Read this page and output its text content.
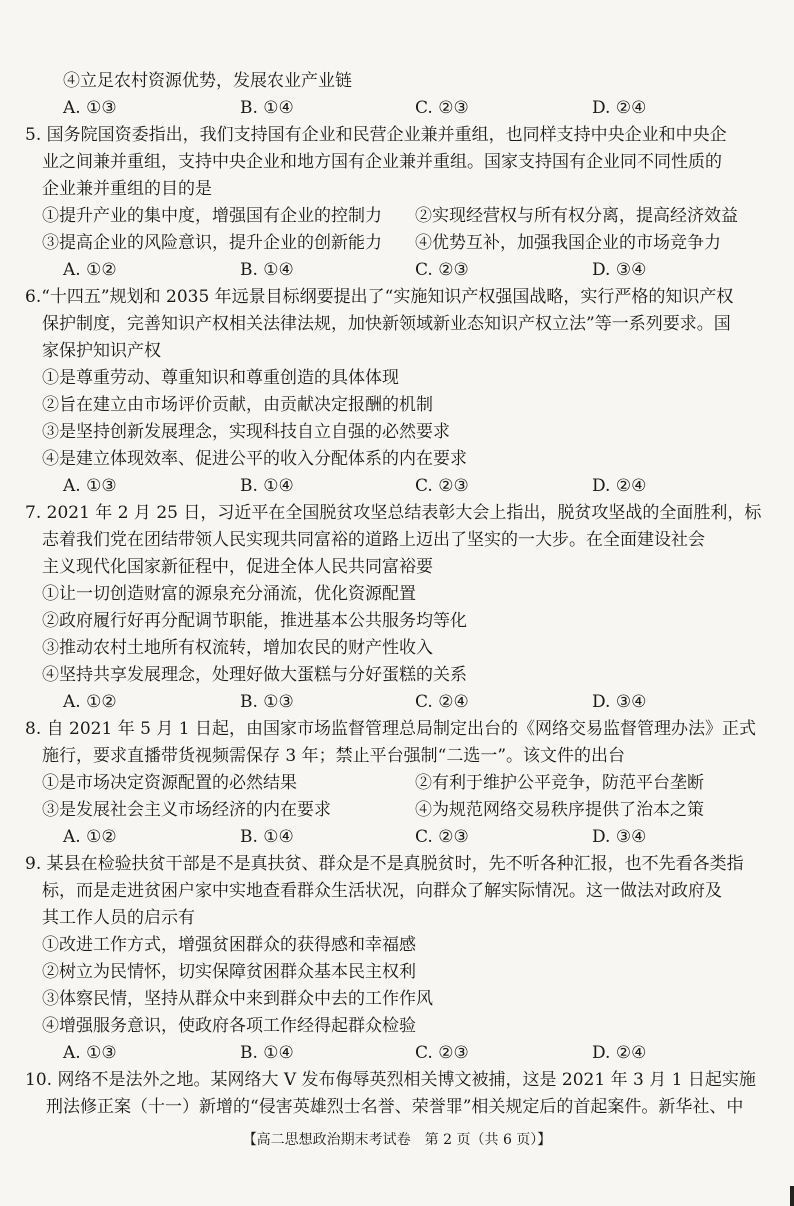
④立足农村资源优势，发展农业产业链
A. ①③	B. ①④	C. ②③	D. ②④
5. 国务院国资委指出，我们支持国有企业和民营企业兼并重组，也同样支持中央企业和中央企
业之间兼并重组，支持中央企业和地方国有企业兼并重组。国家支持国有企业同不同性质的
企业兼并重组的目的是
①提升产业的集中度，增强国有企业的控制力 ②实现经营权与所有权分离，提高经济效益
③提高企业的风险意识，提升企业的创新能力 ④优势互补，加强我国企业的市场竞争力
A. ①②	B. ①④	C. ②③	D. ③④
6.“十四五”规划和 2035 年远景目标纲要提出了“实施知识产权强国战略，实行严格的知识产权
保护制度，完善知识产权相关法律法规，加快新领域新业态知识产权立法”等一系列要求。国
家保护知识产权
①是尊重劳动、尊重知识和尊重创造的具体体现
②旨在建立由市场评价贡献，由贡献决定报酬的机制
③是坚持创新发展理念，实现科技自立自强的必然要求
④是建立体现效率、促进公平的收入分配体系的内在要求
A. ①③	B. ①④	C. ②③	D. ②④
7. 2021 年 2 月 25 日，习近平在全国脱贫攻坚总结表彰大会上指出，脱贫攻坚战的全面胜利，标
志着我们党在团结带领人民实现共同富裕的道路上迈出了坚实的一大步。在全面建设社会
主义现代化国家新征程中，促进全体人民共同富裕要
①让一切创造财富的源泉充分涌流，优化资源配置
②政府履行好再分配调节职能，推进基本公共服务均等化
③推动农村土地所有权流转，增加农民的财产性收入
④坚持共享发展理念，处理好做大蛋糕与分好蛋糕的关系
A. ①②	B. ①③	C. ②④	D. ③④
8. 自 2021 年 5 月 1 日起，由国家市场监督管理总局制定出台的《网络交易监督管理办法》正式
施行，要求直播带货视频需保存 3 年；禁止平台强制“二选一”。该文件的出台
①是市场决定资源配置的必然结果	②有利于维护公平竞争，防范平台垄断
③是发展社会主义市场经济的内在要求	④为规范网络交易秩序提供了治本之策
A. ①②	B. ①④	C. ②③	D. ③④
9. 某县在检验扶贫干部是不是真扶贫、群众是不是真脱贫时，先不听各种汇报，也不先看各类指
标，而是走进贫困户家中实地查看群众生活状况，向群众了解实际情况。这一做法对政府及
其工作人员的启示有
①改进工作方式，增强贫困群众的获得感和幸福感
②树立为民情怀，切实保障贫困群众基本民主权利
③体察民情，坚持从群众中来到群众中去的工作作风
④增强服务意识，使政府各项工作经得起群众检验
A. ①③	B. ①④	C. ②③	D. ②④
10. 网络不是法外之地。某网络大 V 发布侮辱英烈相关博文被捕，这是 2021 年 3 月 1 日起实施
刑法修正案（十一）新增的“侵害英雄烈士名誉、荣誉罪”相关规定后的首起案件。新华社、中
【高二思想政治期末考试卷　第 2 页（共 6 页）】
